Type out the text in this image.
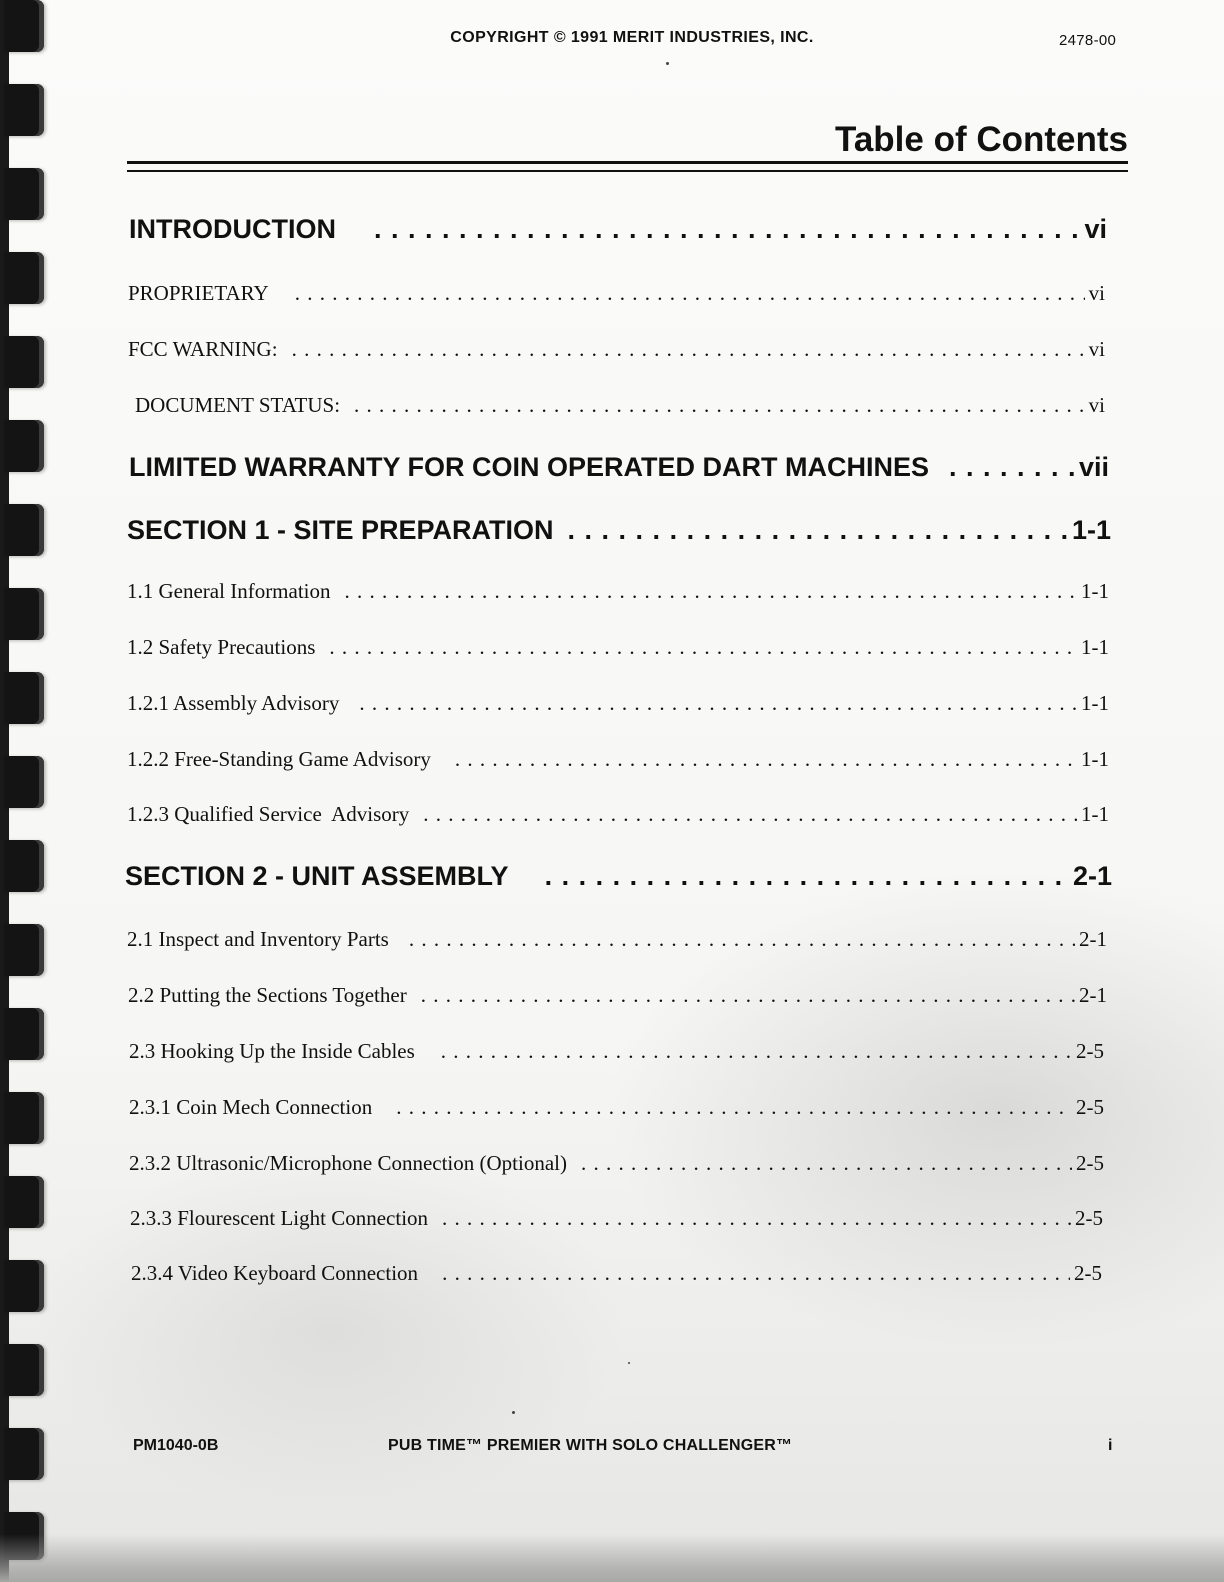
COPYRIGHT © 1991 MERIT INDUSTRIES, INC.	2478-00
Table of Contents
INTRODUCTION . . .	vi
PROPRIETARY . . .	vi
FCC WARNING: . . .	vi
DOCUMENT STATUS: . . .	vi
LIMITED WARRANTY FOR COIN OPERATED DART MACHINES . . .	vii
SECTION 1 - SITE PREPARATION . . .	1-1
1.1 General Information . . .	1-1
1.2 Safety Precautions . . .	1-1
1.2.1 Assembly Advisory . . .	1-1
1.2.2 Free-Standing Game Advisory . . .	1-1
1.2.3 Qualified Service  Advisory . . .	1-1
SECTION 2 - UNIT ASSEMBLY . . .	2-1
2.1 Inspect and Inventory Parts . . .	2-1
2.2 Putting the Sections Together . . .	2-1
2.3 Hooking Up the Inside Cables . . .	2-5
2.3.1 Coin Mech Connection . . .	2-5
2.3.2 Ultrasonic/Microphone Connection (Optional) . . .	2-5
2.3.3 Flourescent Light Connection . . .	2-5
2.3.4 Video Keyboard Connection . . .	2-5
PM1040-0B	PUB TIME™ PREMIER WITH SOLO CHALLENGER™	i
